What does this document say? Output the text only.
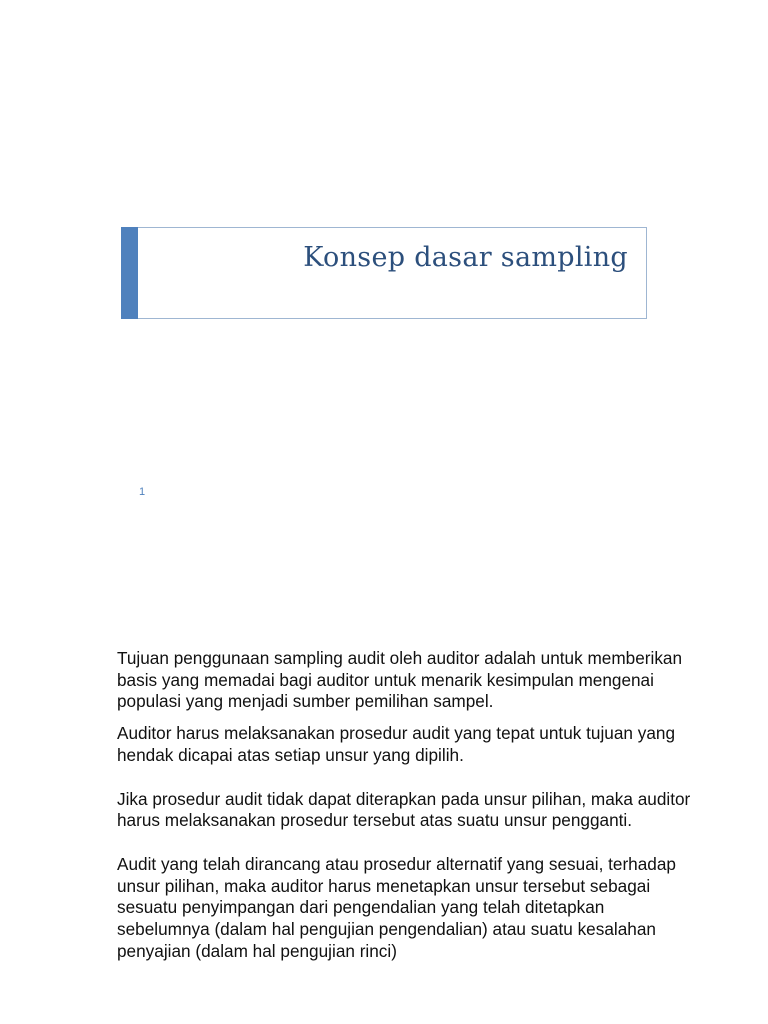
Konsep dasar sampling
1

Tujuan penggunaan sampling audit oleh auditor adalah untuk memberikan basis yang memadai bagi auditor untuk menarik kesimpulan mengenai populasi yang menjadi sumber pemilihan sampel.

Auditor harus melaksanakan prosedur audit yang tepat untuk tujuan yang hendak dicapai atas setiap unsur yang dipilih.

Jika prosedur audit tidak dapat diterapkan pada unsur pilihan, maka auditor harus melaksanakan prosedur tersebut atas suatu unsur pengganti.

Audit yang telah dirancang atau prosedur alternatif yang sesuai, terhadap unsur pilihan, maka auditor harus menetapkan unsur tersebut sebagai sesuatu penyimpangan dari pengendalian yang telah ditetapkan sebelumnya (dalam hal pengujian pengendalian) atau suatu kesalahan penyajian (dalam hal pengujian rinci)
